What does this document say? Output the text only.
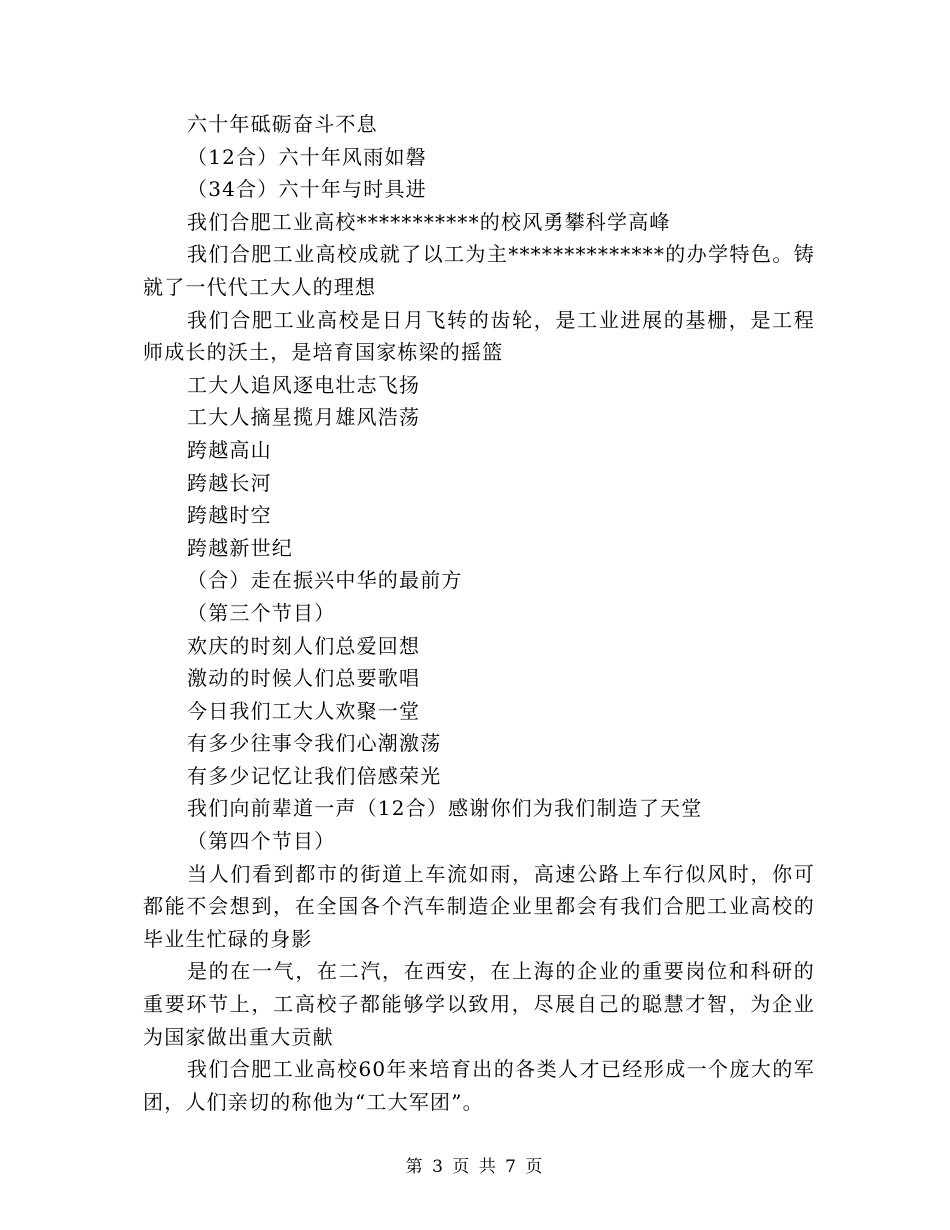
六十年砥砺奋斗不息

（12合）六十年风雨如磐

（34合）六十年与时具进

我们合肥工业高校***********的校风勇攀科学高峰

我们合肥工业高校成就了以工为主**************的办学特色。铸就了一代代工大人的理想

我们合肥工业高校是日月飞转的齿轮，是工业进展的基栅，是工程师成长的沃土，是培育国家栋梁的摇篮

工大人追风逐电壮志飞扬

工大人摘星揽月雄风浩荡

跨越高山

跨越长河

跨越时空

跨越新世纪

（合）走在振兴中华的最前方

（第三个节目）

欢庆的时刻人们总爱回想

激动的时候人们总要歌唱

今日我们工大人欢聚一堂

有多少往事令我们心潮激荡

有多少记忆让我们倍感荣光

我们向前辈道一声（12合）感谢你们为我们制造了天堂

（第四个节目）

当人们看到都市的街道上车流如雨，高速公路上车行似风时，你可都能不会想到，在全国各个汽车制造企业里都会有我们合肥工业高校的毕业生忙碌的身影

是的在一气，在二汽，在西安，在上海的企业的重要岗位和科研的重要环节上，工高校子都能够学以致用，尽展自己的聪慧才智，为企业为国家做出重大贡献

我们合肥工业高校60年来培育出的各类人才已经形成一个庞大的军团，人们亲切的称他为“工大军团”。

第 3 页 共 7 页
